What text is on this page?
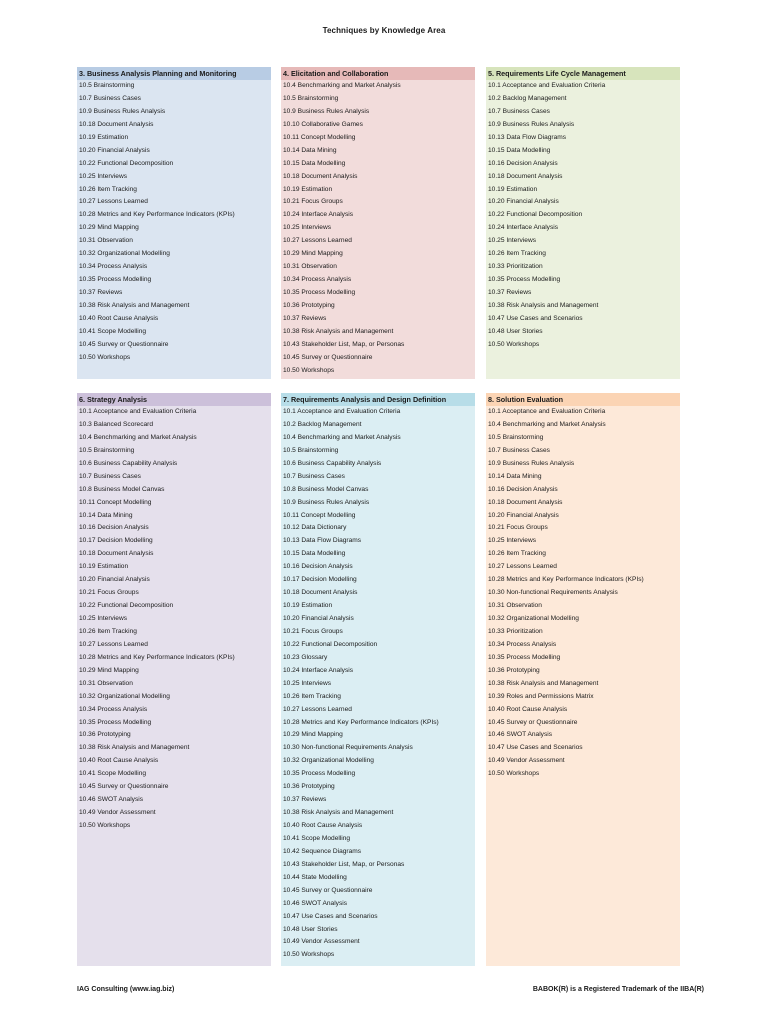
Techniques by Knowledge Area
3. Business Analysis Planning and Monitoring
10.5 Brainstorming
10.7 Business Cases
10.9 Business Rules Analysis
10.18 Document Analysis
10.19 Estimation
10.20 Financial Analysis
10.22 Functional Decomposition
10.25 Interviews
10.26 Item Tracking
10.27 Lessons Learned
10.28 Metrics and Key Performance Indicators (KPIs)
10.29 Mind Mapping
10.31 Observation
10.32 Organizational Modelling
10.34 Process Analysis
10.35 Process Modelling
10.37 Reviews
10.38 Risk Analysis and Management
10.40 Root Cause Analysis
10.41 Scope Modelling
10.45 Survey or Questionnaire
10.50 Workshops
4. Elicitation and Collaboration
10.4 Benchmarking and Market Analysis
10.5 Brainstorming
10.9 Business Rules Analysis
10.10 Collaborative Games
10.11 Concept Modelling
10.14 Data Mining
10.15 Data Modelling
10.18 Document Analysis
10.19 Estimation
10.21 Focus Groups
10.24 Interface Analysis
10.25 Interviews
10.27 Lessons Learned
10.29 Mind Mapping
10.31 Observation
10.34 Process Analysis
10.35 Process Modelling
10.36 Prototyping
10.37 Reviews
10.38 Risk Analysis and Management
10.43 Stakeholder List, Map, or Personas
10.45 Survey or Questionnaire
10.50 Workshops
5. Requirements Life Cycle Management
10.1 Acceptance and Evaluation Criteria
10.2 Backlog Management
10.7 Business Cases
10.9 Business Rules Analysis
10.13 Data Flow Diagrams
10.15 Data Modelling
10.16 Decision Analysis
10.18 Document Analysis
10.19 Estimation
10.20 Financial Analysis
10.22 Functional Decomposition
10.24 Interface Analysis
10.25 Interviews
10.26 Item Tracking
10.33 Prioritization
10.35 Process Modelling
10.37 Reviews
10.38 Risk Analysis and Management
10.47 Use Cases and Scenarios
10.48 User Stories
10.50 Workshops
6. Strategy Analysis
10.1 Acceptance and Evaluation Criteria
10.3 Balanced Scorecard
10.4 Benchmarking and Market Analysis
10.5 Brainstorming
10.6 Business Capability Analysis
10.7 Business Cases
10.8 Business Model Canvas
10.11 Concept Modelling
10.14 Data Mining
10.16 Decision Analysis
10.17 Decision Modelling
10.18 Document Analysis
10.19 Estimation
10.20 Financial Analysis
10.21 Focus Groups
10.22 Functional Decomposition
10.25 Interviews
10.26 Item Tracking
10.27 Lessons Learned
10.28 Metrics and Key Performance Indicators (KPIs)
10.29 Mind Mapping
10.31 Observation
10.32 Organizational Modelling
10.34 Process Analysis
10.35 Process Modelling
10.36 Prototyping
10.38 Risk Analysis and Management
10.40 Root Cause Analysis
10.41 Scope Modelling
10.45 Survey or Questionnaire
10.46 SWOT Analysis
10.49 Vendor Assessment
10.50 Workshops
7. Requirements Analysis and Design Definition
10.1 Acceptance and Evaluation Criteria
10.2 Backlog Management
10.4 Benchmarking and Market Analysis
10.5 Brainstorming
10.6 Business Capability Analysis
10.7 Business Cases
10.8 Business Model Canvas
10.9 Business Rules Analysis
10.11 Concept Modelling
10.12 Data Dictionary
10.13 Data Flow Diagrams
10.15 Data Modelling
10.16 Decision Analysis
10.17 Decision Modelling
10.18 Document Analysis
10.19 Estimation
10.20 Financial Analysis
10.21 Focus Groups
10.22 Functional Decomposition
10.23 Glossary
10.24 Interface Analysis
10.25 Interviews
10.26 Item Tracking
10.27 Lessons Learned
10.28 Metrics and Key Performance Indicators (KPIs)
10.29 Mind Mapping
10.30 Non-functional Requirements Analysis
10.32 Organizational Modelling
10.35 Process Modelling
10.36 Prototyping
10.37 Reviews
10.38 Risk Analysis and Management
10.40 Root Cause Analysis
10.41 Scope Modelling
10.42 Sequence Diagrams
10.43 Stakeholder List, Map, or Personas
10.44 State Modelling
10.45 Survey or Questionnaire
10.46 SWOT Analysis
10.47 Use Cases and Scenarios
10.48 User Stories
10.49 Vendor Assessment
10.50 Workshops
8. Solution Evaluation
10.1 Acceptance and Evaluation Criteria
10.4 Benchmarking and Market Analysis
10.5 Brainstorming
10.7 Business Cases
10.9 Business Rules Analysis
10.14 Data Mining
10.16 Decision Analysis
10.18 Document Analysis
10.20 Financial Analysis
10.21 Focus Groups
10.25 Interviews
10.26 Item Tracking
10.27 Lessons Learned
10.28 Metrics and Key Performance Indicators (KPIs)
10.30 Non-functional Requirements Analysis
10.31 Observation
10.32 Organizational Modelling
10.33 Prioritization
10.34 Process Analysis
10.35 Process Modelling
10.36 Prototyping
10.38 Risk Analysis and Management
10.39 Roles and Permissions Matrix
10.40 Root Cause Analysis
10.45 Survey or Questionnaire
10.46 SWOT Analysis
10.47 Use Cases and Scenarios
10.49 Vendor Assessment
10.50 Workshops
IAG Consulting (www.iag.biz)	BABOK(R) is a Registered Trademark of the IIBA(R)
